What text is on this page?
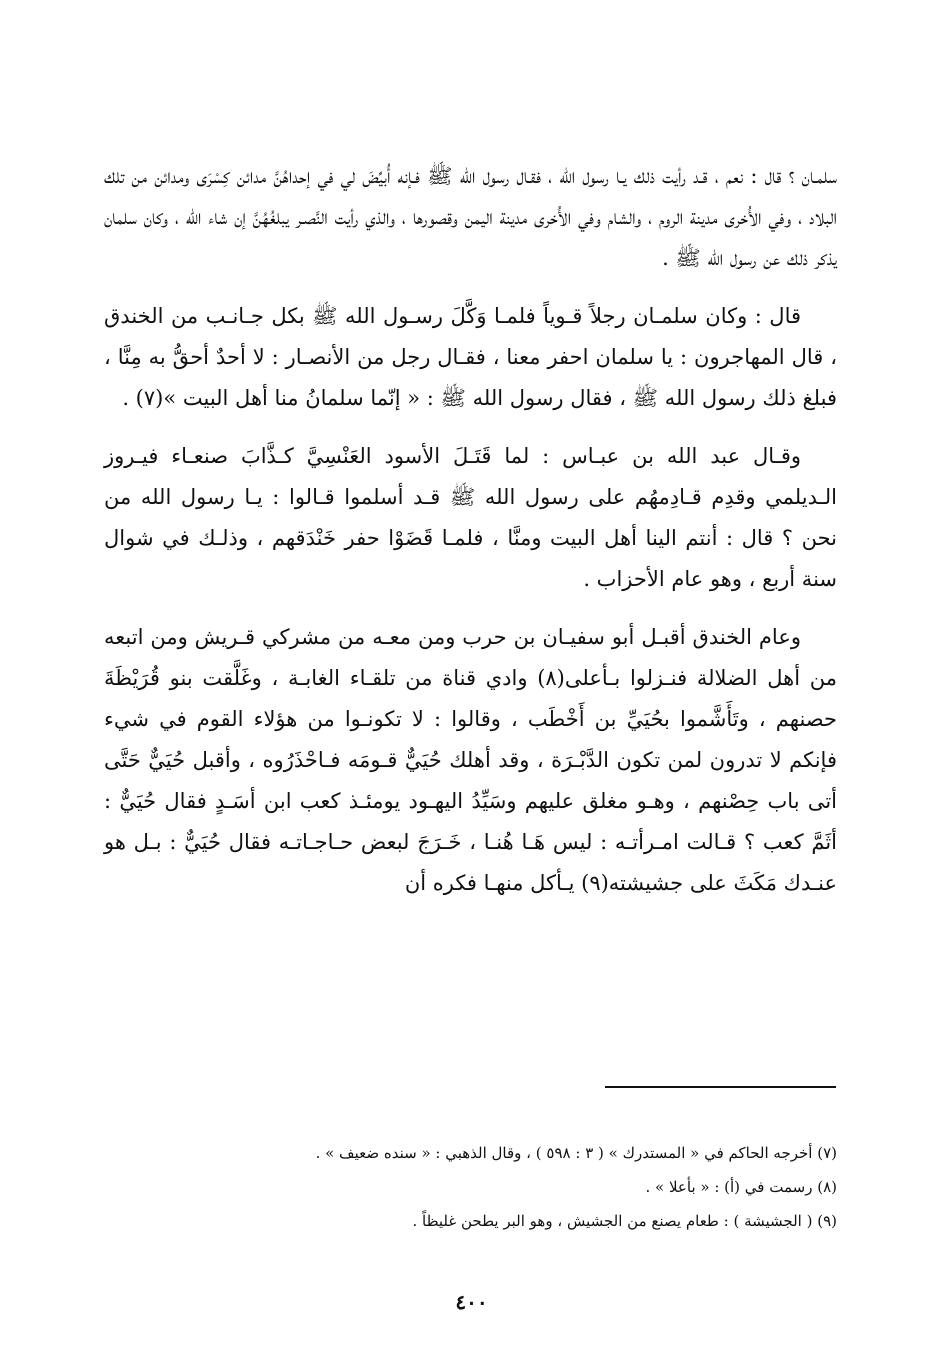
سلمـان ؟ قال : نعم ، قـد رأيت ذلك يـا رسول الله ، فقـال رسول الله ﷺ فـإنه أُبيِّضَ لي في إحداهُنَّ مدائن كِسْرَى ومدائن من تلك البلاد ، وفي الأُخرى مدينة الروم ، والشام وفي الأُخرى مدينة اليمن وقصورها ، والذي رأيت النَّصـر يبلغُهُنَّ إن شاء الله ، وكان سلمان يذكر ذلك عن رسول الله ﷺ .

قال : وكان سلمـان رجلاً قـوياً فلمـا وَكَّلَ رسـول الله ﷺ بكل جـانـب من الخندق ، قال المهاجرون : يا سلمان احفر معنا ، فقـال رجل من الأنصـار : لا أحدٌ أحقُّ به مِنَّا ، فبلغ ذلك رسول الله ﷺ ، فقال رسول الله ﷺ : « إنّما سلمانُ منا أهل البيت »(٧) .

وقـال عبد الله بن عبـاس : لما قَتَـلَ الأسود العَنْسِيَّ كـذَّابَ صنعـاء فيـروز الـديلمي وقدِم قـادِمهُم على رسول الله ﷺ قـد أسلموا قـالوا : يـا رسول الله من نحن ؟ قال : أنتم الينا أهل البيت ومنَّا ، فلمـا قَضَوْا حفر خَنْدَقهم ، وذلـك في شوال سنة أربع ، وهو عام الأحزاب .

وعام الخندق أقبـل أبو سفيـان بن حرب ومن معـه من مشركي قـريش ومن اتبعه من أهل الضلالة فنـزلوا بـأعلى(٨) وادي قناة من تلقـاء الغابـة ، وغَلَّقت بنو قُرَيْظَةَ حصنهم ، وتَأَشَّموا بحُيَيِّ بن أَخْطَب ، وقالوا : لا تكونـوا من هؤلاء القوم في شيء فإنكم لا تدرون لمن تكون الدَّبْـرَة ، وقد أهلك حُيَيٌّ قـومَه فـاحْذَرُوه ، وأقبل حُيَيٌّ حَتَّى أتى باب حِصْنهم ، وهـو مغلق عليهم وسَيِّدُ اليهـود يومئـذ كعب ابن أسَـدٍ فقال حُيَيٌّ : أثَمَّ كعب ؟ قـالت امـرأتـه : ليس هَـا هُنـا ، خَـرَجَ لبعض حـاجـاتـه فقال حُيَيٌّ : بـل هو عنـدك مَكَثَ على جشيشته(٩) يـأكل منهـا فكره أن

(٧) أخرجه الحاكم في « المستدرك » ( ٣ : ٥٩٨ ) ، وقال الذهبي : « سنده ضعيف » .

(٨) رسمت في (أ) : « بأعلا » .

(٩) ( الجشيشة ) : طعام يصنع من الجشيش ، وهو البر يطحن غليظاً .

٤٠٠
